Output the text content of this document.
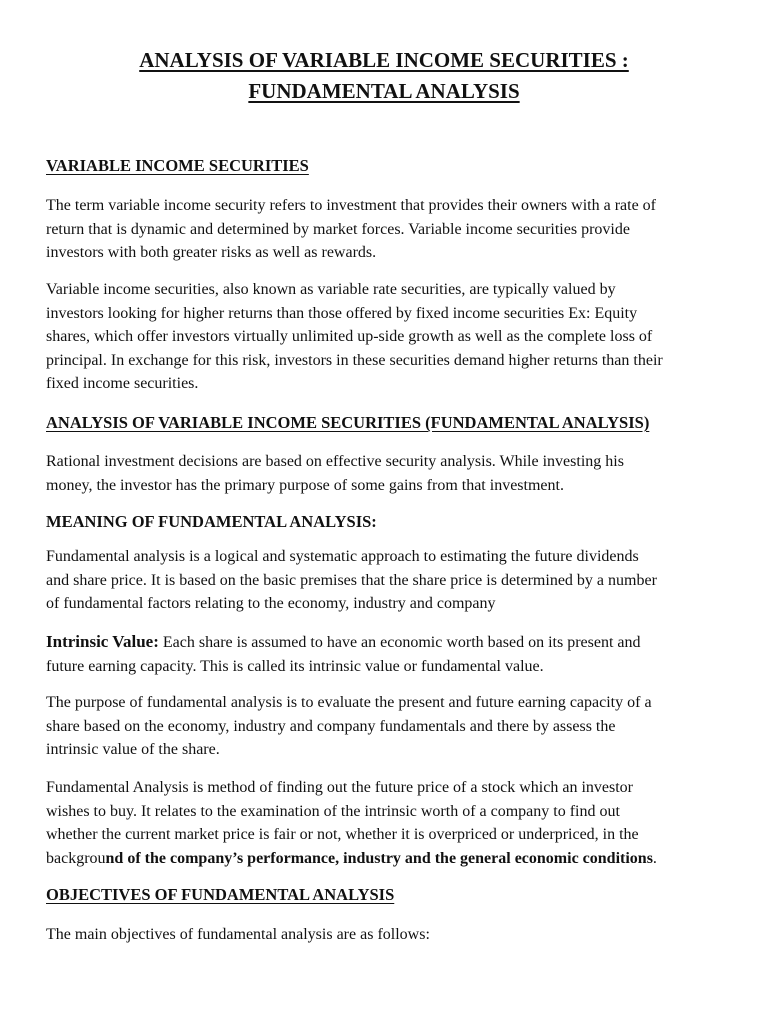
ANALYSIS OF VARIABLE INCOME SECURITIES :
FUNDAMENTAL ANALYSIS
VARIABLE INCOME SECURITIES

The term variable income security refers to investment that provides their owners with a rate of
return that is dynamic and determined by market forces. Variable income securities provide
investors with both greater risks as well as rewards.

Variable income securities, also known as variable rate securities, are typically valued by
investors looking for higher returns than those offered by fixed income securities Ex: Equity
shares, which offer investors virtually unlimited up-side growth as well as the complete loss of
principal. In exchange for this risk, investors in these securities demand higher returns than their
fixed income securities.

ANALYSIS OF VARIABLE INCOME SECURITIES (FUNDAMENTAL ANALYSIS)

Rational investment decisions are based on effective security analysis. While investing his
money, the investor has the primary purpose of some gains from that investment.

MEANING OF FUNDAMENTAL ANALYSIS:

Fundamental analysis is a logical and systematic approach to estimating the future dividends
and share price. It is based on the basic premises that the share price is determined by a number
of fundamental factors relating to the economy, industry and company

Intrinsic Value: Each share is assumed to have an economic worth based on its present and
future earning capacity. This is called its intrinsic value or fundamental value.

The purpose of fundamental analysis is to evaluate the present and future earning capacity of a
share based on the economy, industry and company fundamentals and there by assess the
intrinsic value of the share.

Fundamental Analysis is method of finding out the future price of a stock which an investor
wishes to buy. It relates to the examination of the intrinsic worth of a company to find out
whether the current market price is fair or not, whether it is overpriced or underpriced, in the
background of the company’s performance, industry and the general economic conditions.

OBJECTIVES OF FUNDAMENTAL ANALYSIS

The main objectives of fundamental analysis are as follows:
